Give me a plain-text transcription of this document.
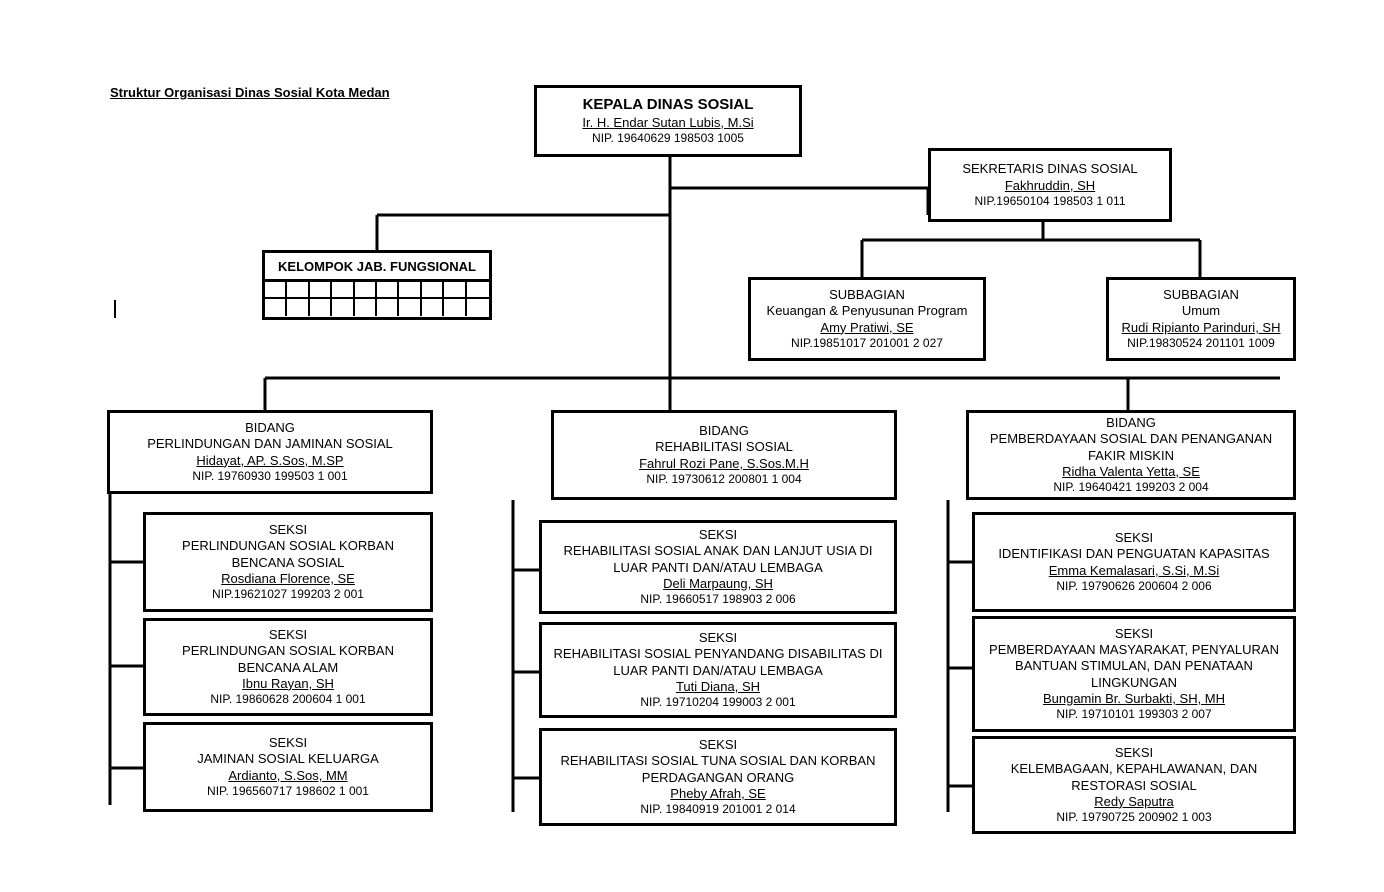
Struktur Organisasi Dinas Sosial Kota Medan
KEPALA DINAS SOSIAL
Ir. H. Endar Sutan Lubis, M.Si
NIP. 19640629 198503 1005
SEKRETARIS DINAS SOSIAL
Fakhruddin, SH
NIP.19650104 198503 1 011
KELOMPOK JAB. FUNGSIONAL
SUBBAGIAN
Keuangan & Penyusunan Program
Amy Pratiwi, SE
NIP.19851017 201001 2 027
SUBBAGIAN
Umum
Rudi Ripianto Parinduri, SH
NIP.19830524 201101 1009
BIDANG
PERLINDUNGAN DAN JAMINAN SOSIAL
Hidayat, AP. S.Sos, M.SP
NIP. 19760930 199503 1 001
BIDANG
REHABILITASI SOSIAL
Fahrul Rozi Pane, S.Sos.M.H
NIP. 19730612 200801 1 004
BIDANG
PEMBERDAYAAN SOSIAL DAN PENANGANAN FAKIR MISKIN
Ridha Valenta Yetta, SE
NIP. 19640421 199203 2 004
SEKSI
PERLINDUNGAN SOSIAL KORBAN BENCANA SOSIAL
Rosdiana Florence, SE
NIP.19621027 199203 2 001
SEKSI
PERLINDUNGAN SOSIAL KORBAN BENCANA ALAM
Ibnu Rayan, SH
NIP. 19860628 200604 1 001
SEKSI
JAMINAN SOSIAL KELUARGA
Ardianto, S.Sos, MM
NIP. 196560717 198602 1 001
SEKSI
REHABILITASI SOSIAL ANAK DAN LANJUT USIA DI LUAR PANTI DAN/ATAU LEMBAGA
Deli Marpaung, SH
NIP. 19660517 198903 2 006
SEKSI
REHABILITASI SOSIAL PENYANDANG DISABILITAS DI LUAR PANTI DAN/ATAU LEMBAGA
Tuti Diana, SH
NIP. 19710204 199003 2 001
SEKSI
REHABILITASI SOSIAL TUNA SOSIAL DAN KORBAN PERDAGANGAN ORANG
Pheby Afrah, SE
NIP. 19840919 201001 2 014
SEKSI
IDENTIFIKASI DAN PENGUATAN KAPASITAS
Emma Kemalasari, S.Si, M.Si
NIP. 19790626 200604 2 006
SEKSI
PEMBERDAYAAN MASYARAKAT, PENYALURAN BANTUAN STIMULAN, DAN PENATAAN LINGKUNGAN
Bungamin Br. Surbakti, SH, MH
NIP. 19710101 199303 2 007
SEKSI
KELEMBAGAAN, KEPAHLAWANAN, DAN RESTORASI SOSIAL
Redy Saputra
NIP. 19790725 200902 1 003
